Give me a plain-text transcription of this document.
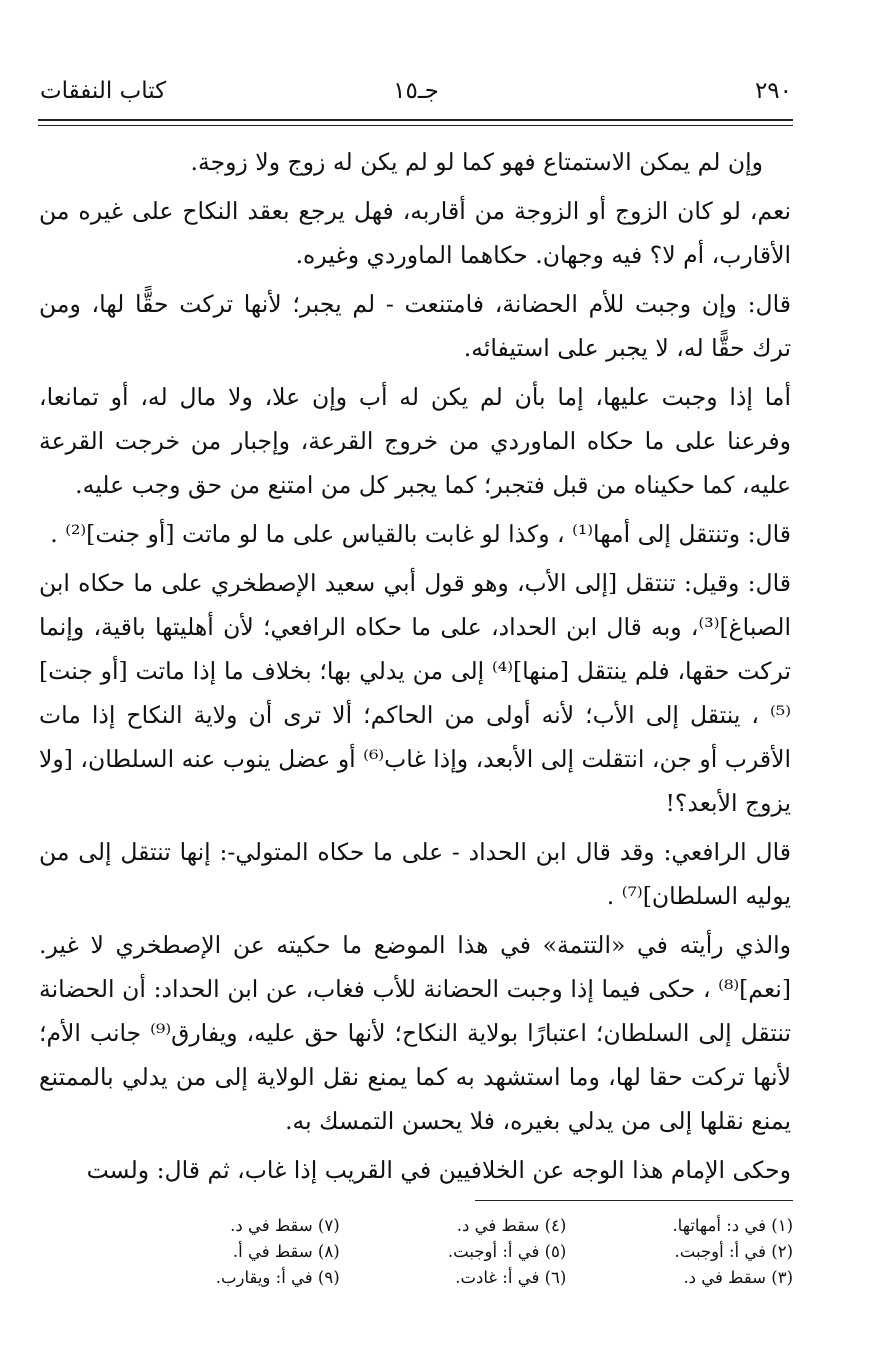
٢٩٠
جـ١٥
كتاب النفقات

وإن لم يمكن الاستمتاع فهو كما لو لم يكن له زوج ولا زوجة.

نعم، لو كان الزوج أو الزوجة من أقاربه، فهل يرجع بعقد النكاح على غيره من الأقارب، أم لا؟ فيه وجهان. حكاهما الماوردي وغيره.

قال: وإن وجبت للأم الحضانة، فامتنعت - لم يجبر؛ لأنها تركت حقًّا لها، ومن ترك حقًّا له، لا يجبر على استيفائه.

أما إذا وجبت عليها، إما بأن لم يكن له أب وإن علا، ولا مال له، أو تمانعا، وفرعنا على ما حكاه الماوردي من خروج القرعة، وإجبار من خرجت القرعة عليه، كما حكيناه من قبل فتجبر؛ كما يجبر كل من امتنع من حق وجب عليه.

قال: وتنتقل إلى أمها⁽¹⁾ ، وكذا لو غابت بالقياس على ما لو ماتت [أو جنت]⁽²⁾ .

قال: وقيل: تنتقل [إلى الأب، وهو قول أبي سعيد الإصطخري على ما حكاه ابن الصباغ]⁽³⁾، وبه قال ابن الحداد، على ما حكاه الرافعي؛ لأن أهليتها باقية، وإنما تركت حقها، فلم ينتقل [منها]⁽⁴⁾ إلى من يدلي بها؛ بخلاف ما إذا ماتت [أو جنت]⁽⁵⁾ ، ينتقل إلى الأب؛ لأنه أولى من الحاكم؛ ألا ترى أن ولاية النكاح إذا مات الأقرب أو جن، انتقلت إلى الأبعد، وإذا غاب⁽⁶⁾ أو عضل ينوب عنه السلطان، [ولا يزوج الأبعد؟!

قال الرافعي: وقد قال ابن الحداد - على ما حكاه المتولي-: إنها تنتقل إلى من يوليه السلطان]⁽⁷⁾ .

والذي رأيته في «التتمة» في هذا الموضع ما حكيته عن الإصطخري لا غير. [نعم]⁽⁸⁾ ، حكى فيما إذا وجبت الحضانة للأب فغاب، عن ابن الحداد: أن الحضانة تنتقل إلى السلطان؛ اعتبارًا بولاية النكاح؛ لأنها حق عليه، ويفارق⁽⁹⁾ جانب الأم؛ لأنها تركت حقا لها، وما استشهد به كما يمنع نقل الولاية إلى من يدلي بالممتنع يمنع نقلها إلى من يدلي بغيره، فلا يحسن التمسك به.

وحكى الإمام هذا الوجه عن الخلافيين في القريب إذا غاب، ثم قال: ولست

(١) في د: أمهاتها.
(٢) في أ: أوجبت.
(٣) سقط في د.
(٤) سقط في د.
(٥) في أ: أوجبت.
(٦) في أ: غادت.
(٧) سقط في د.
(٨) سقط في أ.
(٩) في أ: ويقارب.
